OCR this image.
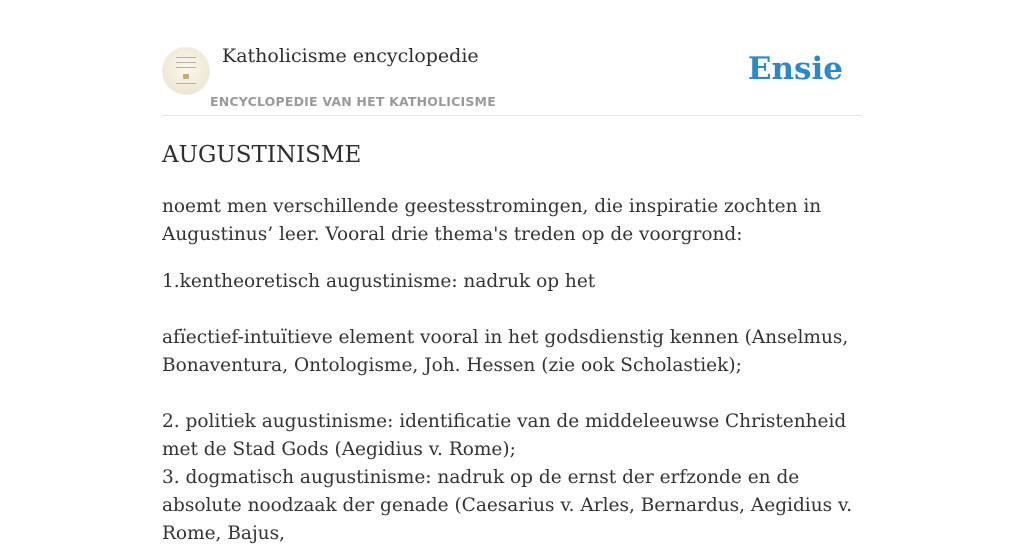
Katholicisme encyclopedie
ENCYCLOPEDIE VAN HET KATHOLICISME
Ensie
AUGUSTINISME

noemt men verschillende geestesstromingen, die inspiratie zochten in Augustinus’ leer. Vooral drie thema's treden op de voorgrond:

1.kentheoretisch augustinisme: nadruk op het

afïectief-intuïtieve element vooral in het godsdienstig kennen (Anselmus, Bonaventura, Ontologisme, Joh. Hessen (zie ook Scholastiek);

2. politiek augustinisme: identificatie van de middeleeuwse Christenheid met de Stad Gods (Aegidius v. Rome);

3. dogmatisch augustinisme: nadruk op de ernst der erfzonde en de absolute noodzaak der genade (Caesarius v. Arles, Bernardus, Aegidius v. Rome, Bajus,
